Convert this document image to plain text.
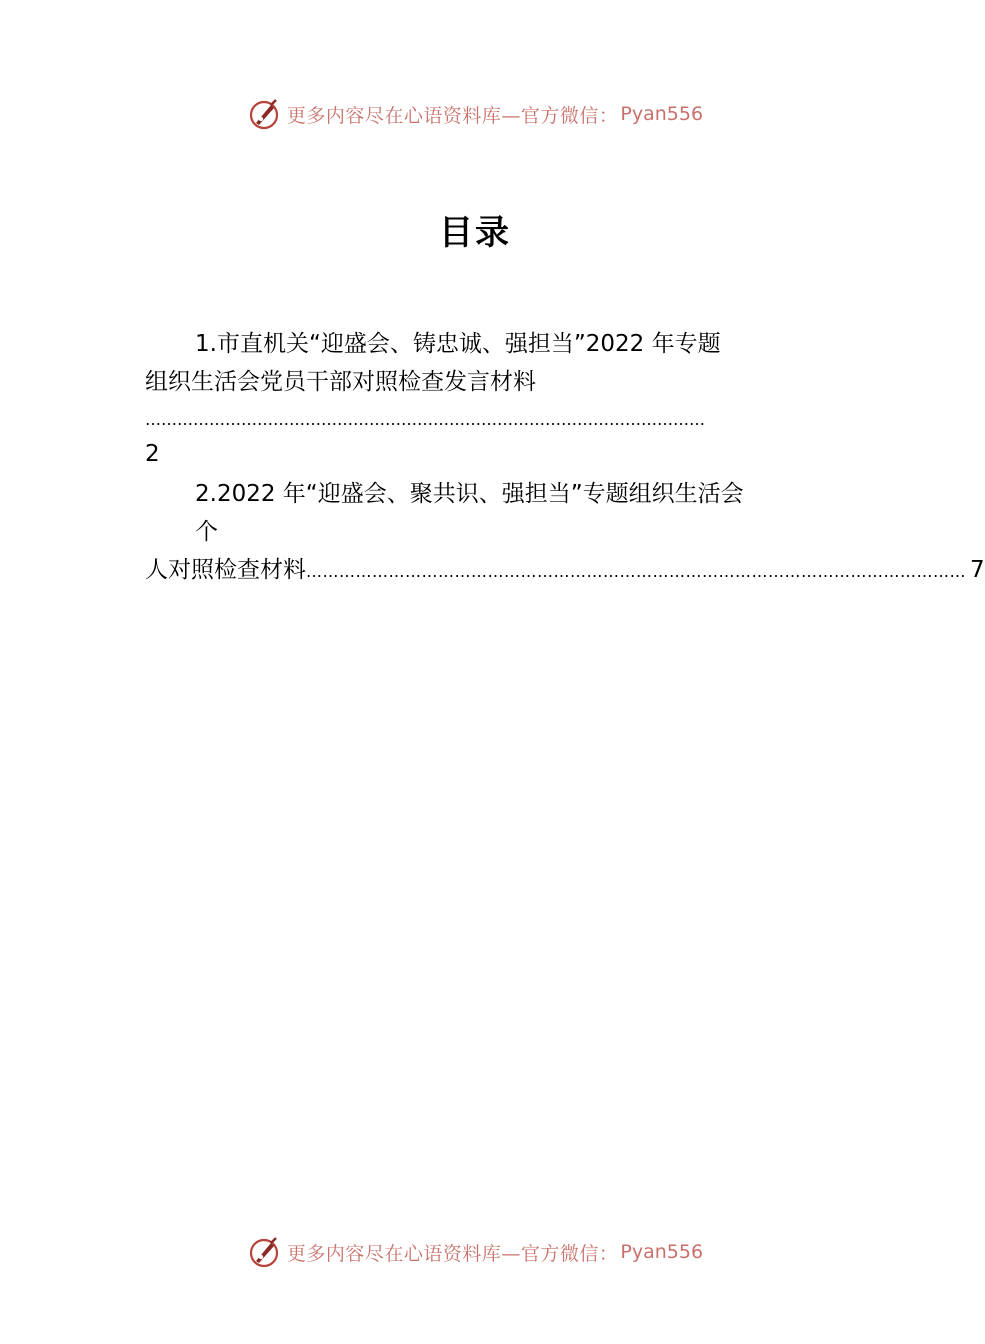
更多内容尽在心语资料库—官方微信： Pyan556
目录
1.市直机关“迎盛会、铸忠诚、强担当”2022 年专题
组织生活会党员干部对照检查发言材料
……………………………………………………………………………………………
2
2.2022 年“迎盛会、聚共识、强担当”专题组织生活会
个
人对照检查材料 ………………………………………………………………………………………………………… 7
更多内容尽在心语资料库—官方微信： Pyan556
